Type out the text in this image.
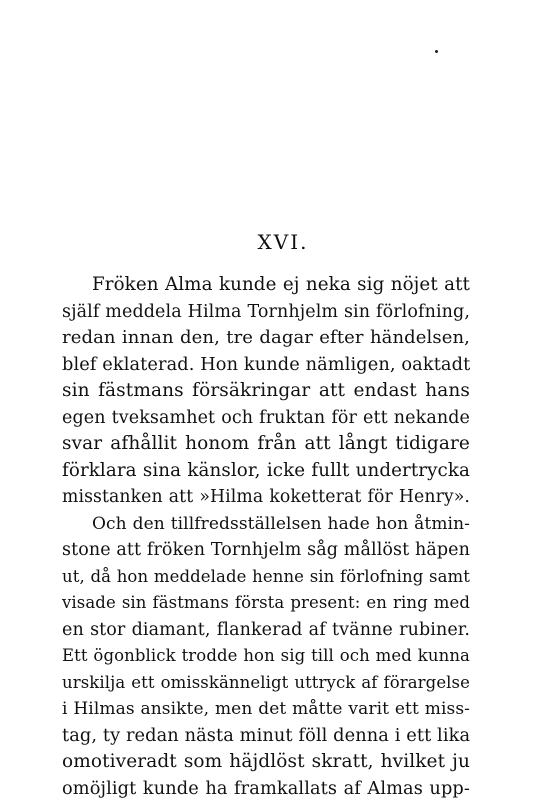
XVI.
Fröken Alma kunde ej neka sig nöjet att
själf meddela Hilma Tornhjelm sin förlofning,
redan innan den, tre dagar efter händelsen,
blef eklaterad. Hon kunde nämligen, oaktadt
sin fästmans försäkringar att endast hans
egen tveksamhet och fruktan för ett nekande
svar afhållit honom från att långt tidigare
förklara sina känslor, icke fullt undertrycka
misstanken att »Hilma koketterat för Henry».
Och den tillfredsställelsen hade hon åtmin-
stone att fröken Tornhjelm såg mållöst häpen
ut, då hon meddelade henne sin förlofning samt
visade sin fästmans första present: en ring med
en stor diamant, flankerad af tvänne rubiner.
Ett ögonblick trodde hon sig till och med kunna
urskilja ett omisskänneligt uttryck af förargelse
i Hilmas ansikte, men det måtte varit ett miss-
tag, ty redan nästa minut föll denna i ett lika
omotiveradt som häjdlöst skratt, hvilket ju
omöjligt kunde ha framkallats af Almas upp-
